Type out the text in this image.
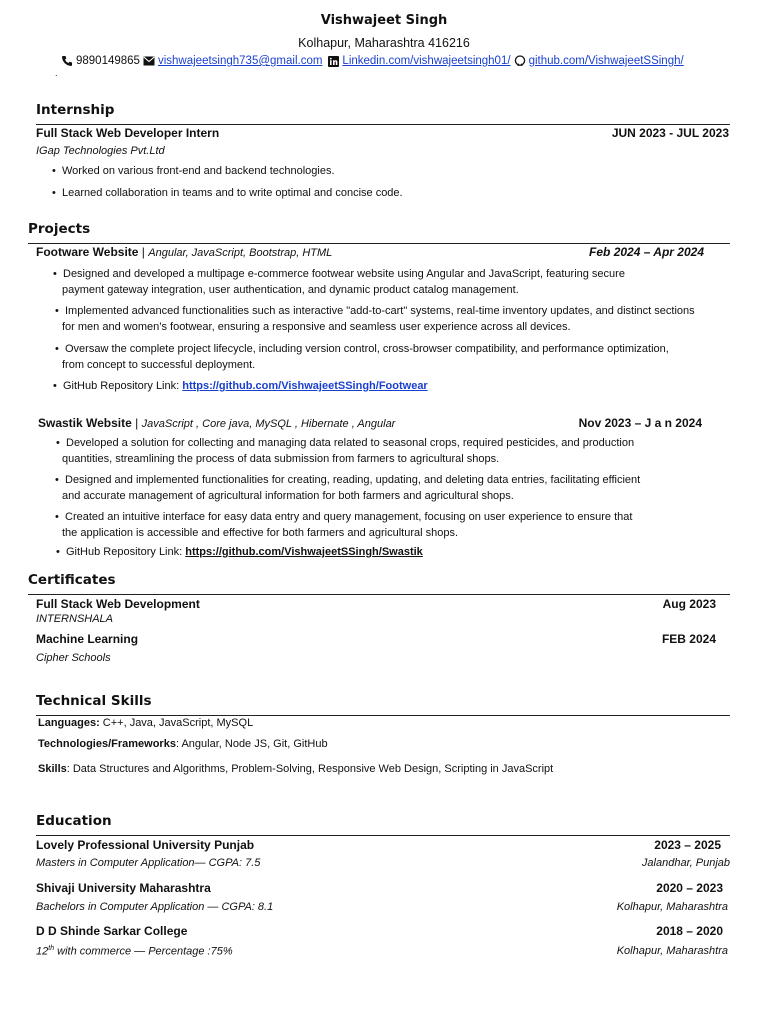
Vishwajeet Singh
Kolhapur, Maharashtra 416216
9890149865 vishwajeetsingh735@gmail.com Linkedin.com/vishwajeetsingh01/ github.com/VishwajeetSSingh/
.
Internship
Full Stack Web Developer Intern	JUN 2023 - JUL 2023
IGap Technologies Pvt.Ltd
• Worked on various front-end and backend technologies.
• Learned collaboration in teams and to write optimal and concise code.
Projects
Footware Website | Angular, JavaScript, Bootstrap, HTML	Feb 2024 – Apr 2024
• Designed and developed a multipage e-commerce footwear website using Angular and JavaScript, featuring secure
payment gateway integration, user authentication, and dynamic product catalog management.
• Implemented advanced functionalities such as interactive "add-to-cart" systems, real-time inventory updates, and distinct sections
for men and women’s footwear, ensuring a responsive and seamless user experience across all devices.
• Oversaw the complete project lifecycle, including version control, cross-browser compatibility, and performance optimization,
from concept to successful deployment.
• GitHub Repository Link: https://github.com/VishwajeetSSingh/Footwear
Swastik Website | JavaScript , Core java, MySQL , Hibernate , Angular	Nov 2023 – J a n 2024
• Developed a solution for collecting and managing data related to seasonal crops, required pesticides, and production
quantities, streamlining the process of data submission from farmers to agricultural shops.
• Designed and implemented functionalities for creating, reading, updating, and deleting data entries, facilitating efficient
and accurate management of agricultural information for both farmers and agricultural shops.
• Created an intuitive interface for easy data entry and query management, focusing on user experience to ensure that
the application is accessible and effective for both farmers and agricultural shops.
• GitHub Repository Link: https://github.com/VishwajeetSSingh/Swastik
Certificates
Full Stack Web Development	Aug 2023
INTERNSHALA
Machine Learning	FEB 2024
Cipher Schools
Technical Skills
Languages: C++, Java, JavaScript, MySQL
Technologies/Frameworks: Angular, Node JS, Git, GitHub
Skills: Data Structures and Algorithms, Problem-Solving, Responsive Web Design, Scripting in JavaScript
Education
Lovely Professional University Punjab	2023 – 2025
Masters in Computer Application— CGPA: 7.5	Jalandhar, Punjab
Shivaji University Maharashtra	2020 – 2023
Bachelors in Computer Application — CGPA: 8.1	Kolhapur, Maharashtra
D D Shinde Sarkar College	2018 – 2020
12th with commerce — Percentage :75%	Kolhapur, Maharashtra
